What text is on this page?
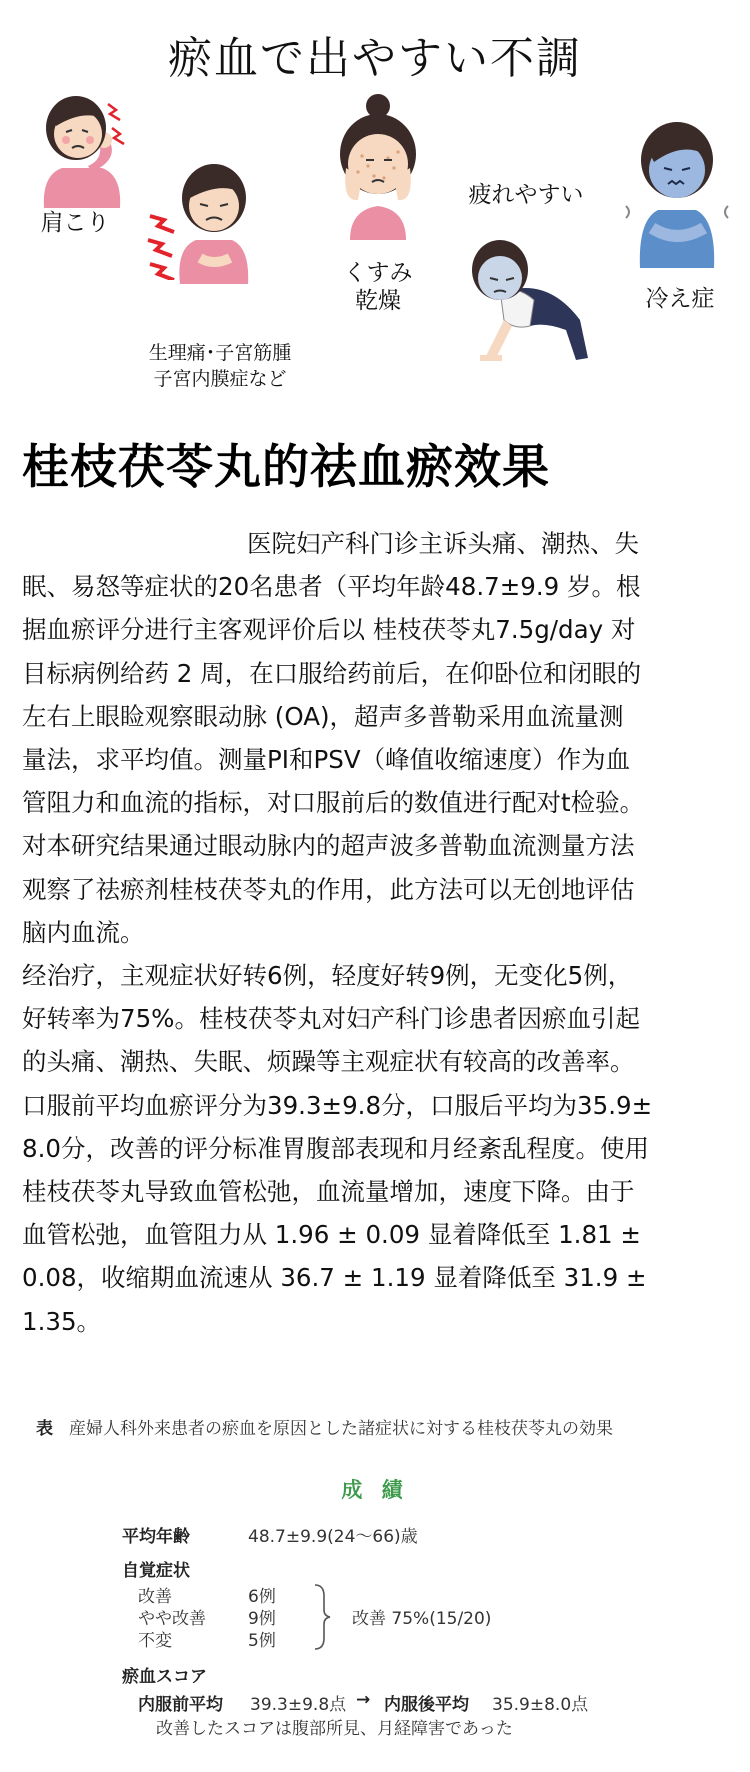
瘀血で出やすい不調
肩こり
生理痛･子宮筋腫
子宮内膜症など
くすみ
乾燥
疲れやすい
冷え症
桂枝茯苓丸的祛血瘀效果

医院妇产科门诊主诉头痛、潮热、失
眠、易怒等症状的20名患者（平均年龄48.7±9.9 岁。根
据血瘀评分进行主客观评价后以 桂枝茯苓丸7.5g/day 对
目标病例给药 2 周，在口服给药前后，在仰卧位和闭眼的
左右上眼睑观察眼动脉 (OA)，超声多普勒采用血流量测
量法，求平均值。测量PI和PSV（峰值收缩速度）作为血
管阻力和血流的指标，对口服前后的数值进行配对t检验。
对本研究结果通过眼动脉内的超声波多普勒血流测量方法
观察了祛瘀剂桂枝茯苓丸的作用，此方法可以无创地评估
脑内血流。

经治疗，主观症状好转6例，轻度好转9例，无变化5例，
好转率为75%。桂枝茯苓丸对妇产科门诊患者因瘀血引起
的头痛、潮热、失眠、烦躁等主观症状有较高的改善率。
口服前平均血瘀评分为39.3±9.8分，口服后平均为35.9±
8.0分，改善的评分标准胃腹部表现和月经紊乱程度。使用
桂枝茯苓丸导致血管松弛，血流量增加，速度下降。由于
血管松弛，血管阻力从 1.96 ± 0.09 显着降低至 1.81 ±
0.08，收缩期血流速从 36.7 ± 1.19 显着降低至 31.9 ±
1.35。

表 産婦人科外来患者の瘀血を原因とした諸症状に対する桂枝茯苓丸の効果
成 績
平均年齢	48.7±9.9(24～66)歳
自覚症状
改善	6例
やや改善 9例
不変	5例
改善 75%(15/20)
瘀血スコア
内服前平均 39.3±9.8点 → 内服後平均 35.9±8.0点
改善したスコアは腹部所見、月経障害であった
